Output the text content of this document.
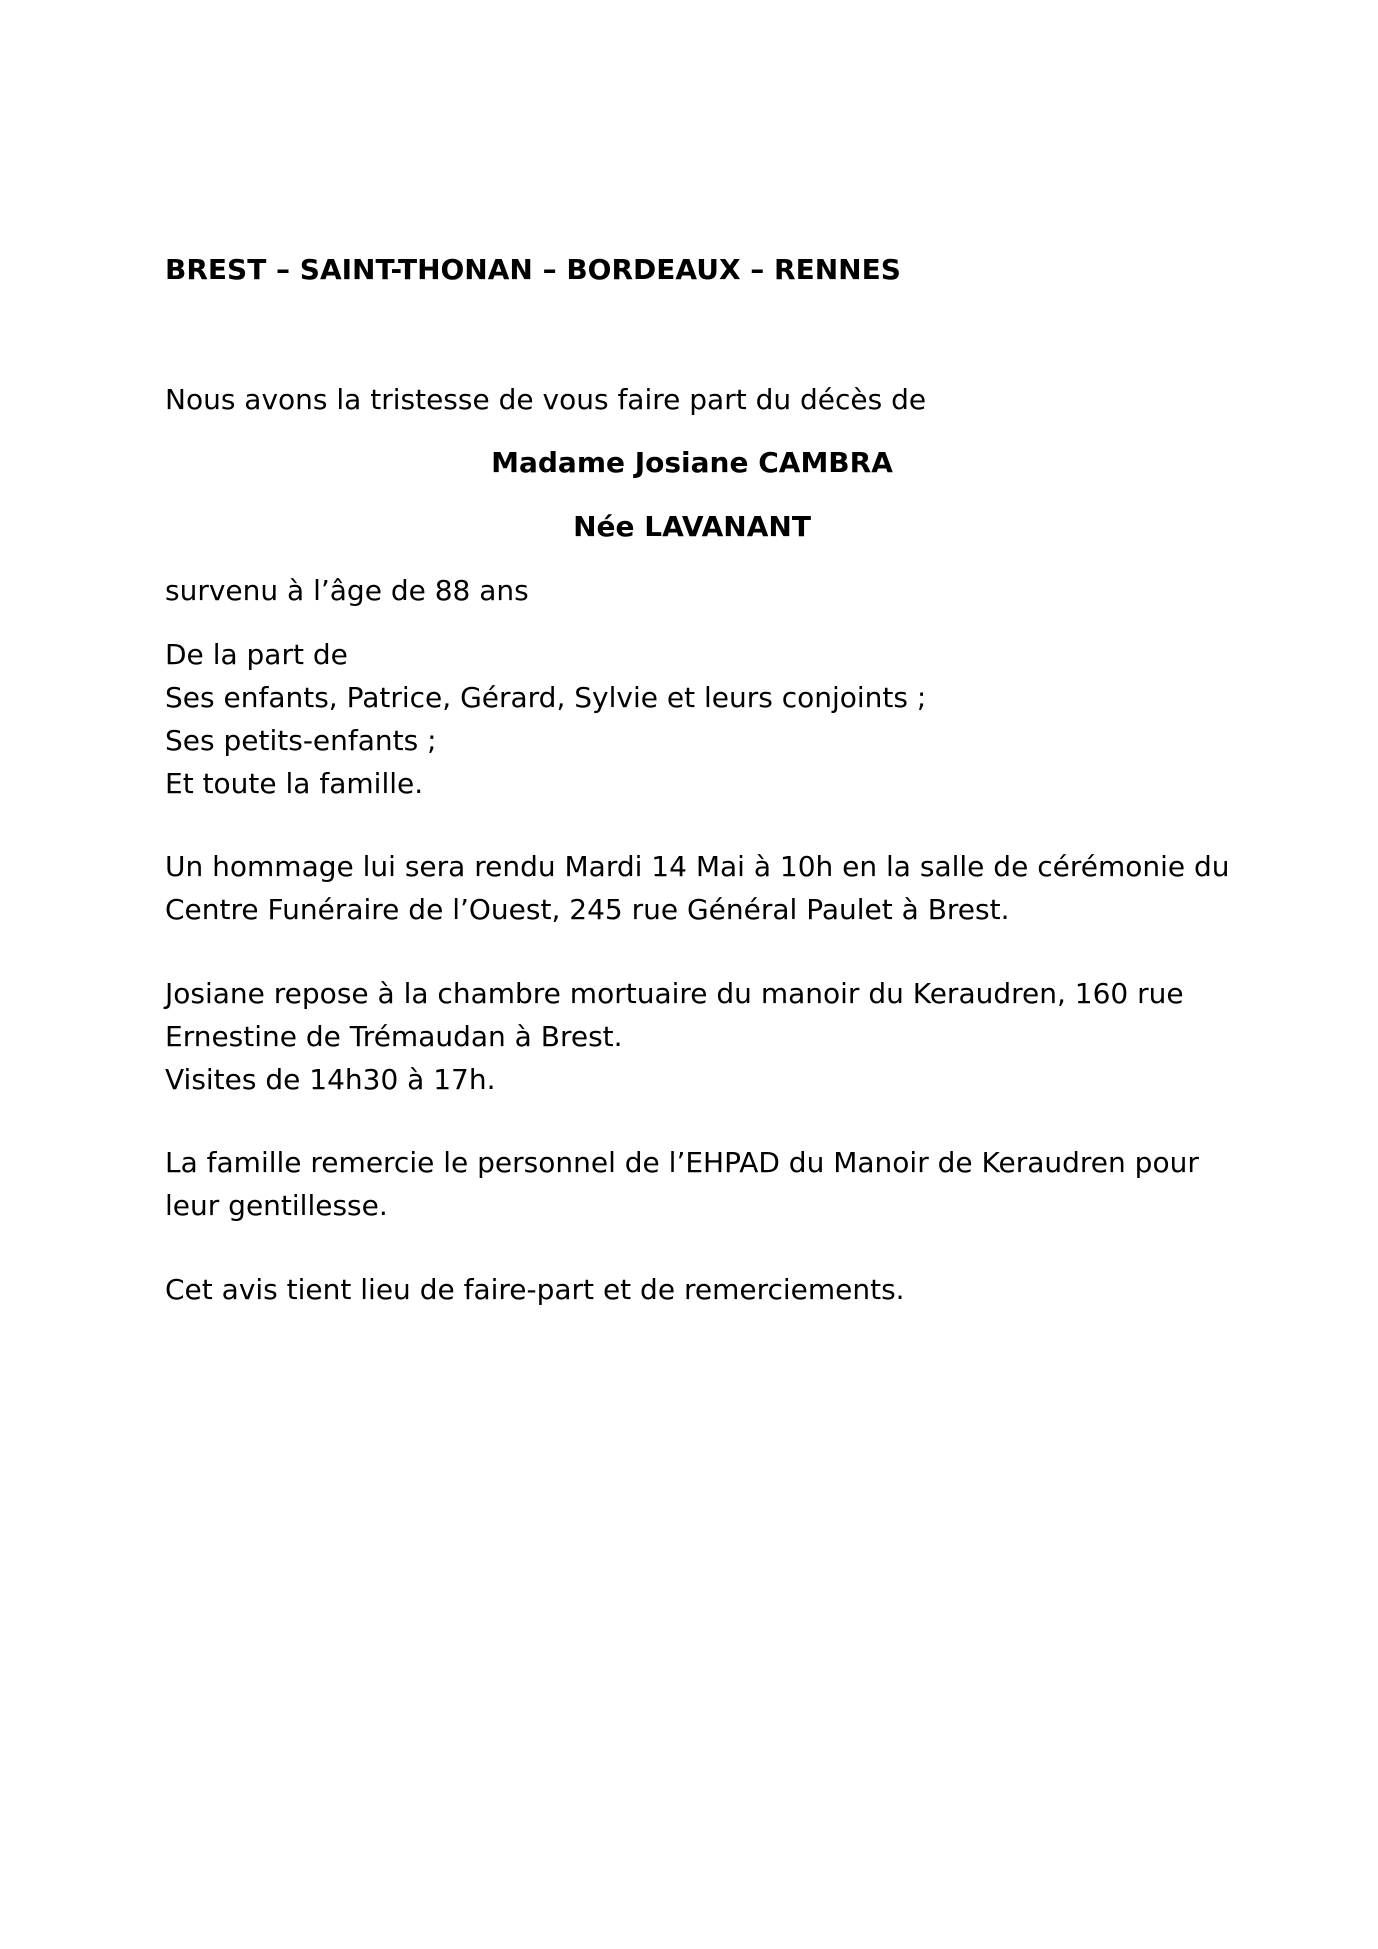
BREST – SAINT-THONAN – BORDEAUX – RENNES
Nous avons la tristesse de vous faire part du décès de
Madame Josiane CAMBRA
Née LAVANANT
survenu à l’âge de 88 ans
De la part de
Ses enfants, Patrice, Gérard, Sylvie et leurs conjoints ;
Ses petits-enfants ;
Et toute la famille.
Un hommage lui sera rendu Mardi 14 Mai à 10h en la salle de cérémonie du
Centre Funéraire de l’Ouest, 245 rue Général Paulet à Brest.
Josiane repose à la chambre mortuaire du manoir du Keraudren, 160 rue
Ernestine de Trémaudan à Brest.
Visites de 14h30 à 17h.
La famille remercie le personnel de l’EHPAD du Manoir de Keraudren pour
leur gentillesse.
Cet avis tient lieu de faire-part et de remerciements.
